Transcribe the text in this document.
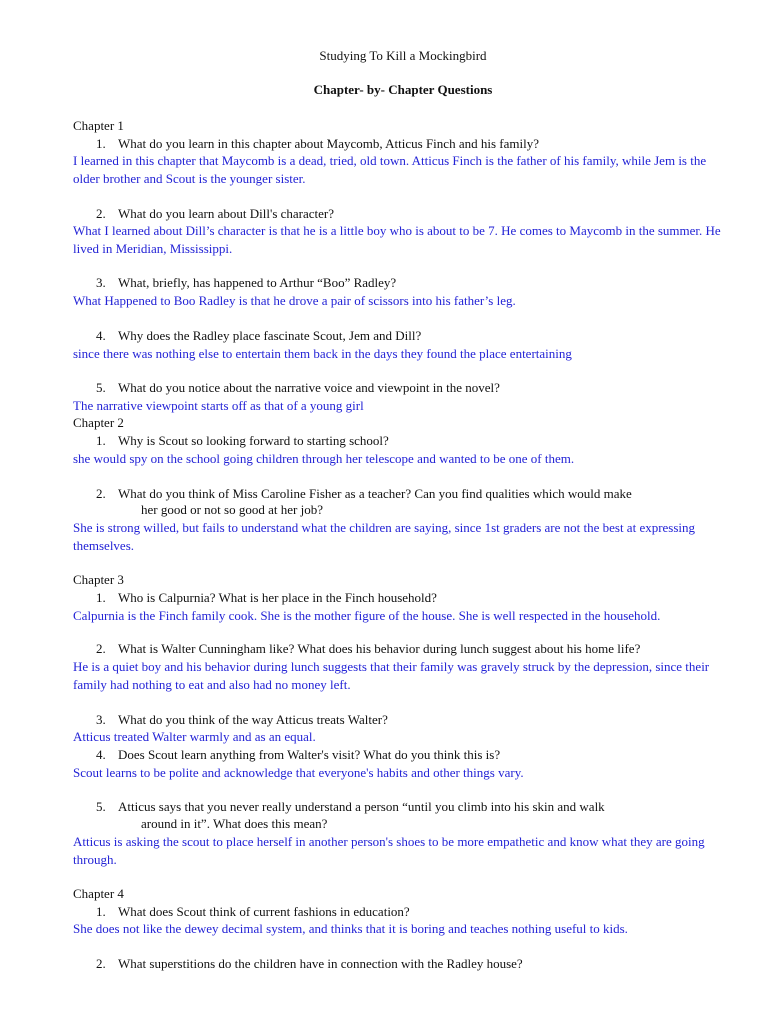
Studying To Kill a Mockingbird
Chapter- by- Chapter Questions
Chapter 1
1. What do you learn in this chapter about Maycomb, Atticus Finch and his family?
I learned in this chapter that Maycomb is a dead, tried, old town. Atticus Finch is the father of his family, while Jem is the older brother and Scout is the younger sister.
2. What do you learn about Dill's character?
What I learned about Dill’s character is that he is a little boy who is about to be 7. He comes to Maycomb in the summer. He lived in Meridian, Mississippi.
3. What, briefly, has happened to Arthur “Boo” Radley?
What Happened to Boo Radley is that he drove a pair of scissors into his father’s leg.
4. Why does the Radley place fascinate Scout, Jem and Dill?
since there was nothing else to entertain them back in the days they found the place entertaining
5. What do you notice about the narrative voice and viewpoint in the novel?
The narrative viewpoint starts off as that of a young girl
Chapter 2
1. Why is Scout so looking forward to starting school?
she would spy on the school going children through her telescope and wanted to be one of them.
2. What do you think of Miss Caroline Fisher as a teacher? Can you find qualities which would make
her good or not so good at her job?
She is strong willed, but fails to understand what the children are saying, since 1st graders are not the best at expressing themselves.
Chapter 3
1. Who is Calpurnia? What is her place in the Finch household?
Calpurnia is the Finch family cook. She is the mother figure of the house. She is well respected in the household.
2. What is Walter Cunningham like? What does his behavior during lunch suggest about his home life?
He is a quiet boy and his behavior during lunch suggests that their family was gravely struck by the depression, since their family had nothing to eat and also had no money left.
3. What do you think of the way Atticus treats Walter?
Atticus treated Walter warmly and as an equal.
4. Does Scout learn anything from Walter's visit? What do you think this is?
Scout learns to be polite and acknowledge that everyone's habits and other things vary.
5. Atticus says that you never really understand a person “until you climb into his skin and walk
around in it”. What does this mean?
Atticus is asking the scout to place herself in another person's shoes to be more empathetic and know what they are going through.
Chapter 4
1. What does Scout think of current fashions in education?
She does not like the dewey decimal system, and thinks that it is boring and teaches nothing useful to kids.
2. What superstitions do the children have in connection with the Radley house?
